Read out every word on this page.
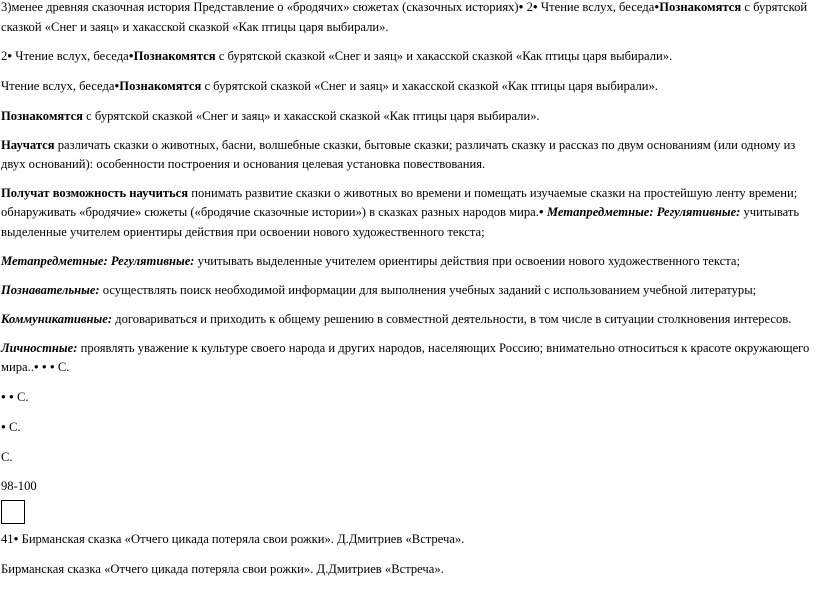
3)менее древняя сказочная история Представление о «бродячих» сюжетах (сказочных историях)● 2● Чтение вслух, беседа●Познакомятся с бурятской сказкой «Снег и заяц» и хакасской сказкой «Как птицы царя выбирали».

2● Чтение вслух, беседа●Познакомятся с бурятской сказкой «Снег и заяц» и хакасской сказкой «Как птицы царя выбирали».

Чтение вслух, беседа●Познакомятся с бурятской сказкой «Снег и заяц» и хакасской сказкой «Как птицы царя выбирали».

Познакомятся с бурятской сказкой «Снег и заяц» и хакасской сказкой «Как птицы царя выбирали».

Научатся различать сказки о животных, басни, волшебные сказки, бытовые сказки; различать сказку и рассказ по двум основаниям (или одному из двух оснований): особенности построения и основания целевая установка повествования.

Получат возможность научиться понимать развитие сказки о животных во времени и помещать изучаемые сказки на простейшую ленту времени; обнаруживать «бродячие» сюжеты («бродячие сказочные истории») в сказках разных народов мира.● Метапредметные: Регулятивные: учитывать выделенные учителем ориентиры действия при освоении нового художественного текста;

Метапредметные: Регулятивные: учитывать выделенные учителем ориентиры действия при освоении нового художественного текста;

Познавательные: осуществлять поиск необходимой информации для выполнения учебных заданий с использованием учебной литературы;

Коммуникативные: договариваться и приходить к общему решению в совместной деятельности, в том числе в ситуации столкновения интересов.

Личностные: проявлять уважение к культуре своего народа и других народов, населяющих Россию; внимательно относиться к красоте окружающего мира..● ● ● С.

● ● С.

● С.

С.

98-100

41● Бирманская сказка «Отчего цикада потеряла свои рожки». Д.Дмитриев «Встреча».

Бирманская сказка «Отчего цикада потеряла свои рожки». Д.Дмитриев «Встреча».
